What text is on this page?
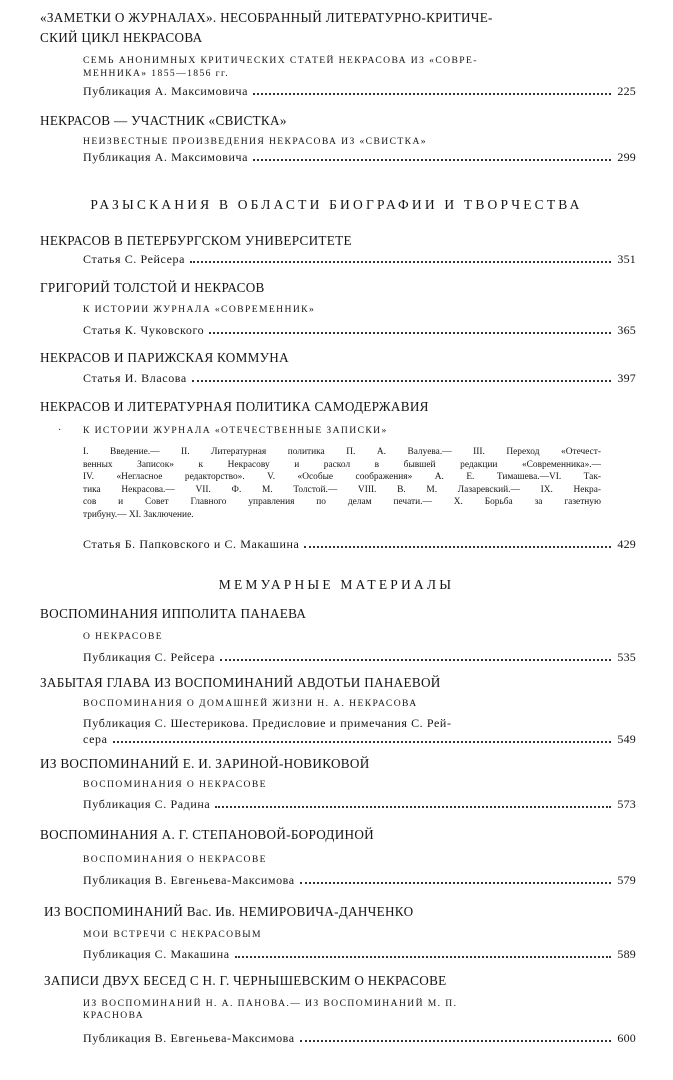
«ЗАМЕТКИ О ЖУРНАЛАХ». НЕСОБРАННЫЙ ЛИТЕРАТУРНО-КРИТИЧЕ-
СКИЙ ЦИКЛ НЕКРАСОВА
СЕМЬ АНОНИМНЫХ КРИТИЧЕСКИХ СТАТЕЙ НЕКРАСОВА ИЗ «СОВРЕ-
МЕННИКА» 1855—1856 гг.
Публикация А. Максимовича	225
НЕКРАСОВ — УЧАСТНИК «СВИСТКА»
НЕИЗВЕСТНЫЕ ПРОИЗВЕДЕНИЯ НЕКРАСОВА ИЗ «СВИСТКА»
Публикация А. Максимовича	299
РАЗЫСКАНИЯ В ОБЛАСТИ БИОГРАФИИ И ТВОРЧЕСТВА
НЕКРАСОВ В ПЕТЕРБУРГСКОМ УНИВЕРСИТЕТЕ
Статья С. Рейсера	351
ГРИГОРИЙ ТОЛСТОЙ И НЕКРАСОВ
К ИСТОРИИ ЖУРНАЛА «СОВРЕМЕННИК»
Статья К. Чуковского	365
НЕКРАСОВ И ПАРИЖСКАЯ КОММУНА
Статья И. Власова	397
НЕКРАСОВ И ЛИТЕРАТУРНАЯ ПОЛИТИКА САМОДЕРЖАВИЯ
· К ИСТОРИИ ЖУРНАЛА «ОТЕЧЕСТВЕННЫЕ ЗАПИСКИ»
I. Введение.— II. Литературная политика П. А. Валуева.— III. Переход «Отечест-
венных Записок» к Некрасову и раскол в бывшей редакции «Современника».—
IV. «Негласное редакторство». V. «Особые соображения» А. Е. Тимашева.—VI. Так-
тика Некрасова.— VII. Ф. М. Толстой.— VIII. В. М. Лазаревский.— IX. Некра-
сов и Совет Главного управления по делам печати.— X. Борьба за газетную
трибуну.— XI. Заключение.
Статья Б. Папковского и С. Макашина	429
МЕМУАРНЫЕ МАТЕРИАЛЫ
ВОСПОМИНАНИЯ ИППОЛИТА ПАНАЕВА
О НЕКРАСОВЕ
Публикация С. Рейсера	535
ЗАБЫТАЯ ГЛАВА ИЗ ВОСПОМИНАНИЙ АВДОТЬИ ПАНАЕВОЙ
ВОСПОМИНАНИЯ О ДОМАШНЕЙ ЖИЗНИ Н. А. НЕКРАСОВА
Публикация С. Шестерикова. Предисловие и примечания С. Рей-
сера	549
ИЗ ВОСПОМИНАНИЙ Е. И. ЗАРИНОЙ-НОВИКОВОЙ
ВОСПОМИНАНИЯ О НЕКРАСОВЕ
Публикация С. Радина	573
ВОСПОМИНАНИЯ А. Г. СТЕПАНОВОЙ-БОРОДИНОЙ
ВОСПОМИНАНИЯ О НЕКРАСОВЕ
Публикация В. Евгеньева-Максимова	579
ИЗ ВОСПОМИНАНИЙ Вас. Ив. НЕМИРОВИЧА-ДАНЧЕНКО
МОИ ВСТРЕЧИ С НЕКРАСОВЫМ
Публикация С. Макашина	589
ЗАПИСИ ДВУХ БЕСЕД С Н. Г. ЧЕРНЫШЕВСКИМ О НЕКРАСОВЕ
ИЗ ВОСПОМИНАНИЙ Н. А. ПАНОВА.— ИЗ ВОСПОМИНАНИЙ М. П.
КРАСНОВА
Публикация В. Евгеньева-Максимова	600
